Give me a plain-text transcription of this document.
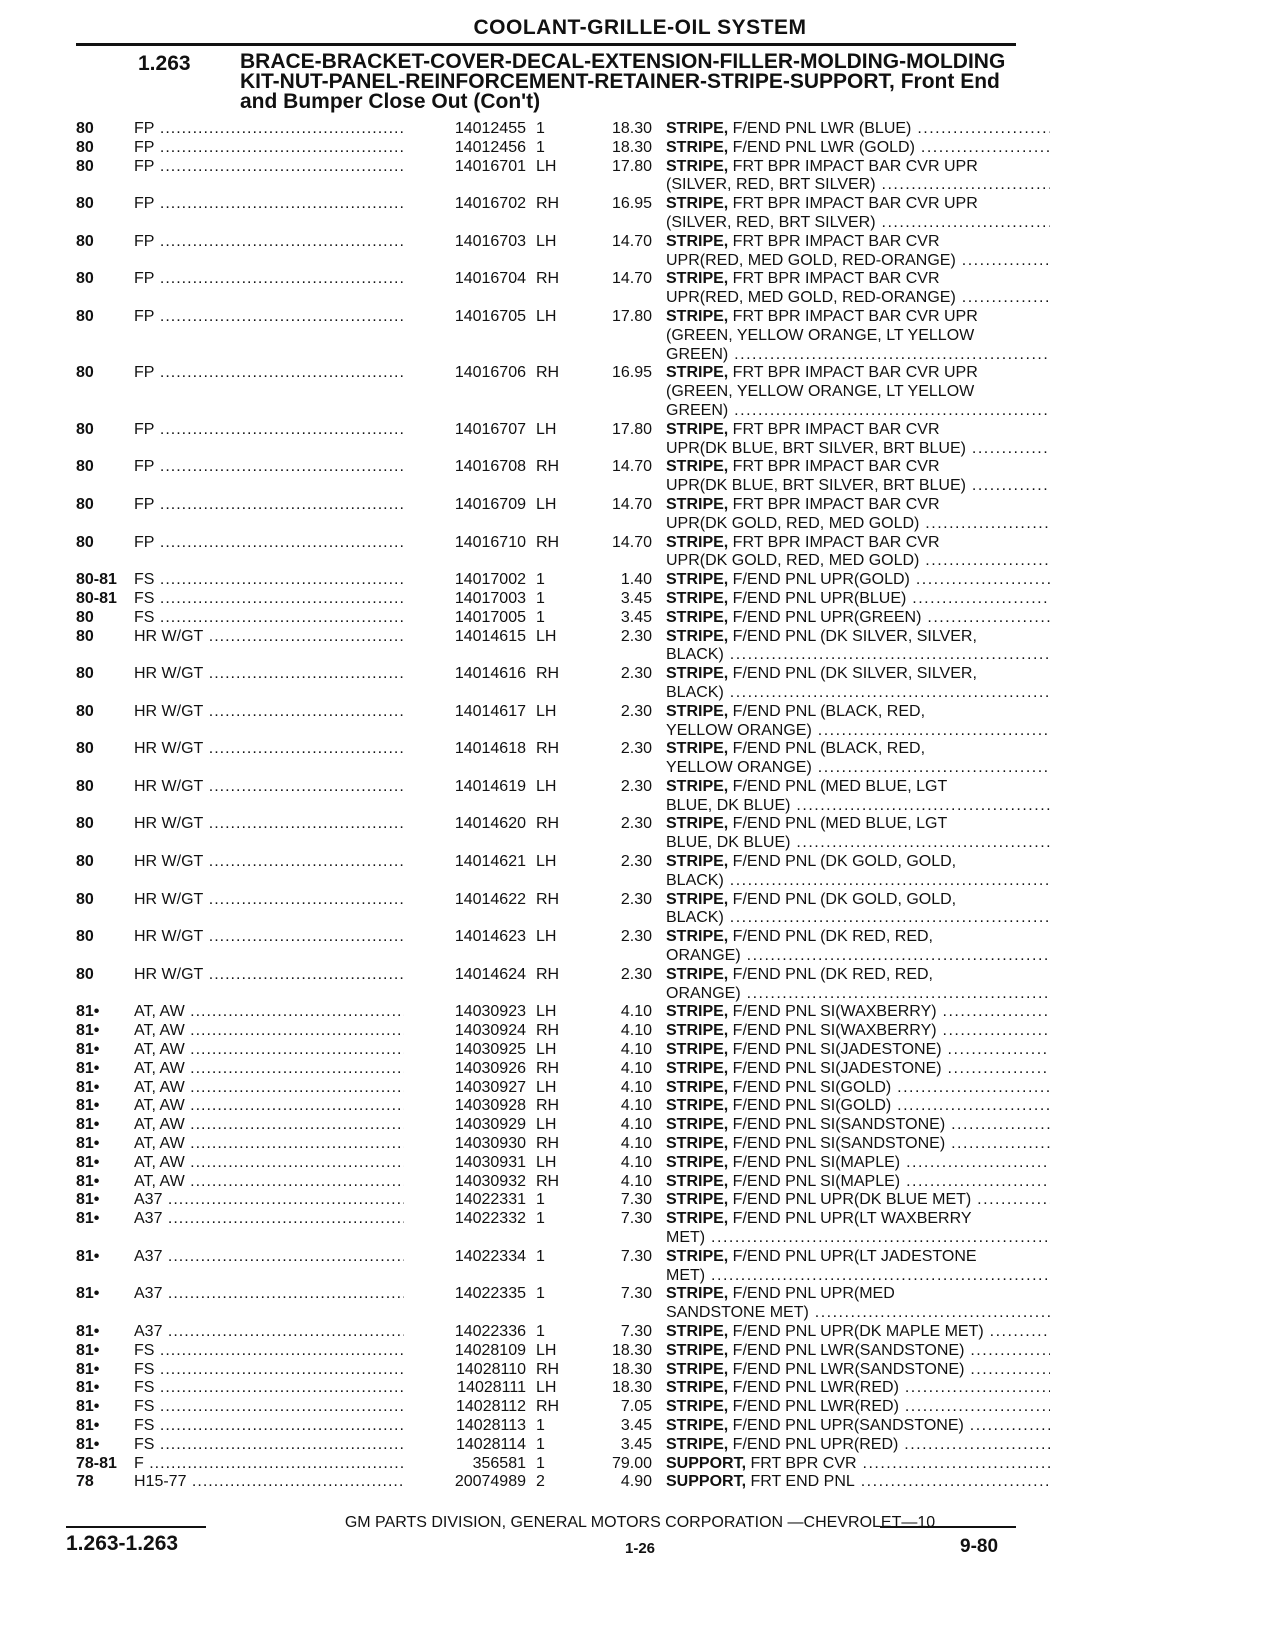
COOLANT-GRILLE-OIL SYSTEM
1.263 BRACE-BRACKET-COVER-DECAL-EXTENSION-FILLER-MOLDING-MOLDING KIT-NUT-PANEL-REINFORCEMENT-RETAINER-STRIPE-SUPPORT, Front End and Bumper Close Out (Con't)
80	FP .....	14012455 1	18.30 STRIPE, F/END PNL LWR (BLUE) .....
80	FP .....	14012456 1	18.30 STRIPE, F/END PNL LWR (GOLD) .....
80	FP .....	14016701 LH	17.80 STRIPE, FRT BPR IMPACT BAR CVR UPR
(SILVER, RED, BRT SILVER) .....
80	FP .....	14016702 RH	16.95 STRIPE, FRT BPR IMPACT BAR CVR UPR
(SILVER, RED, BRT SILVER) .....
80	FP .....	14016703 LH	14.70 STRIPE, FRT BPR IMPACT BAR CVR
UPR(RED, MED GOLD, RED-ORANGE) .....
80	FP .....	14016704 RH	14.70 STRIPE, FRT BPR IMPACT BAR CVR
UPR(RED, MED GOLD, RED-ORANGE) .....
80	FP .....	14016705 LH	17.80 STRIPE, FRT BPR IMPACT BAR CVR UPR
(GREEN, YELLOW ORANGE, LT YELLOW
GREEN) .....
80	FP .....	14016706 RH	16.95 STRIPE, FRT BPR IMPACT BAR CVR UPR
(GREEN, YELLOW ORANGE, LT YELLOW
GREEN) .....
80	FP .....	14016707 LH	17.80 STRIPE, FRT BPR IMPACT BAR CVR
UPR(DK BLUE, BRT SILVER, BRT BLUE) .....
80	FP .....	14016708 RH	14.70 STRIPE, FRT BPR IMPACT BAR CVR
UPR(DK BLUE, BRT SILVER, BRT BLUE) .....
80	FP .....	14016709 LH	14.70 STRIPE, FRT BPR IMPACT BAR CVR
UPR(DK GOLD, RED, MED GOLD) .....
80	FP .....	14016710 RH	14.70 STRIPE, FRT BPR IMPACT BAR CVR
UPR(DK GOLD, RED, MED GOLD) .....
80-81 FS .....	14017002 1	1.40 STRIPE, F/END PNL UPR(GOLD) .....
80-81 FS .....	14017003 1	3.45 STRIPE, F/END PNL UPR(BLUE) .....
80	FS .....	14017005 1	3.45 STRIPE, F/END PNL UPR(GREEN) .....
80	HR W/GT .....	14014615 LH	2.30 STRIPE, F/END PNL (DK SILVER, SILVER,
BLACK) .....
80	HR W/GT .....	14014616 RH	2.30 STRIPE, F/END PNL (DK SILVER, SILVER,
BLACK) .....
80	HR W/GT .....	14014617 LH	2.30 STRIPE, F/END PNL (BLACK, RED,
YELLOW ORANGE) .....
80	HR W/GT .....	14014618 RH	2.30 STRIPE, F/END PNL (BLACK, RED,
YELLOW ORANGE) .....
80	HR W/GT .....	14014619 LH	2.30 STRIPE, F/END PNL (MED BLUE, LGT
BLUE, DK BLUE) .....
80	HR W/GT .....	14014620 RH	2.30 STRIPE, F/END PNL (MED BLUE, LGT
BLUE, DK BLUE) .....
80	HR W/GT .....	14014621 LH	2.30 STRIPE, F/END PNL (DK GOLD, GOLD,
BLACK) .....
80	HR W/GT .....	14014622 RH	2.30 STRIPE, F/END PNL (DK GOLD, GOLD,
BLACK) .....
80	HR W/GT .....	14014623 LH	2.30 STRIPE, F/END PNL (DK RED, RED,
ORANGE) .....
80	HR W/GT .....	14014624 RH	2.30 STRIPE, F/END PNL (DK RED, RED,
ORANGE) .....
81• AT, AW .....	14030923 LH	4.10 STRIPE, F/END PNL SI(WAXBERRY) .....
81• AT, AW .....	14030924 RH	4.10 STRIPE, F/END PNL SI(WAXBERRY) .....
81• AT, AW .....	14030925 LH	4.10 STRIPE, F/END PNL SI(JADESTONE) .....
81• AT, AW .....	14030926 RH	4.10 STRIPE, F/END PNL SI(JADESTONE) .....
81• AT, AW .....	14030927 LH	4.10 STRIPE, F/END PNL SI(GOLD) .....
81• AT, AW .....	14030928 RH	4.10 STRIPE, F/END PNL SI(GOLD) .....
81• AT, AW .....	14030929 LH	4.10 STRIPE, F/END PNL SI(SANDSTONE) .....
81• AT, AW .....	14030930 RH	4.10 STRIPE, F/END PNL SI(SANDSTONE) .....
81• AT, AW .....	14030931 LH	4.10 STRIPE, F/END PNL SI(MAPLE) .....
81• AT, AW .....	14030932 RH	4.10 STRIPE, F/END PNL SI(MAPLE) .....
81• A37 .....	14022331 1	7.30 STRIPE, F/END PNL UPR(DK BLUE MET) .....
81• A37 .....	14022332 1	7.30 STRIPE, F/END PNL UPR(LT WAXBERRY
MET) .....
81• A37 .....	14022334 1	7.30 STRIPE, F/END PNL UPR(LT JADESTONE
MET) .....
81• A37 .....	14022335 1	7.30 STRIPE, F/END PNL UPR(MED
SANDSTONE MET) .....
81• A37 .....	14022336 1	7.30 STRIPE, F/END PNL UPR(DK MAPLE MET) .....
81• FS .....	14028109 LH	18.30 STRIPE, F/END PNL LWR(SANDSTONE) .....
81• FS .....	14028110 RH	18.30 STRIPE, F/END PNL LWR(SANDSTONE) .....
81• FS .....	14028111 LH	18.30 STRIPE, F/END PNL LWR(RED) .....
81• FS .....	14028112 RH	7.05 STRIPE, F/END PNL LWR(RED) .....
81• FS .....	14028113 1	3.45 STRIPE, F/END PNL UPR(SANDSTONE) .....
81• FS .....	14028114 1	3.45 STRIPE, F/END PNL UPR(RED) .....
78-81 F .....	356581 1	79.00 SUPPORT, FRT BPR CVR .....
78	H15-77 .....	20074989 2	4.90 SUPPORT, FRT END PNL .....
GM PARTS DIVISION, GENERAL MOTORS CORPORATION —CHEVROLET—10
1.263-1.263	1-26	9-80
